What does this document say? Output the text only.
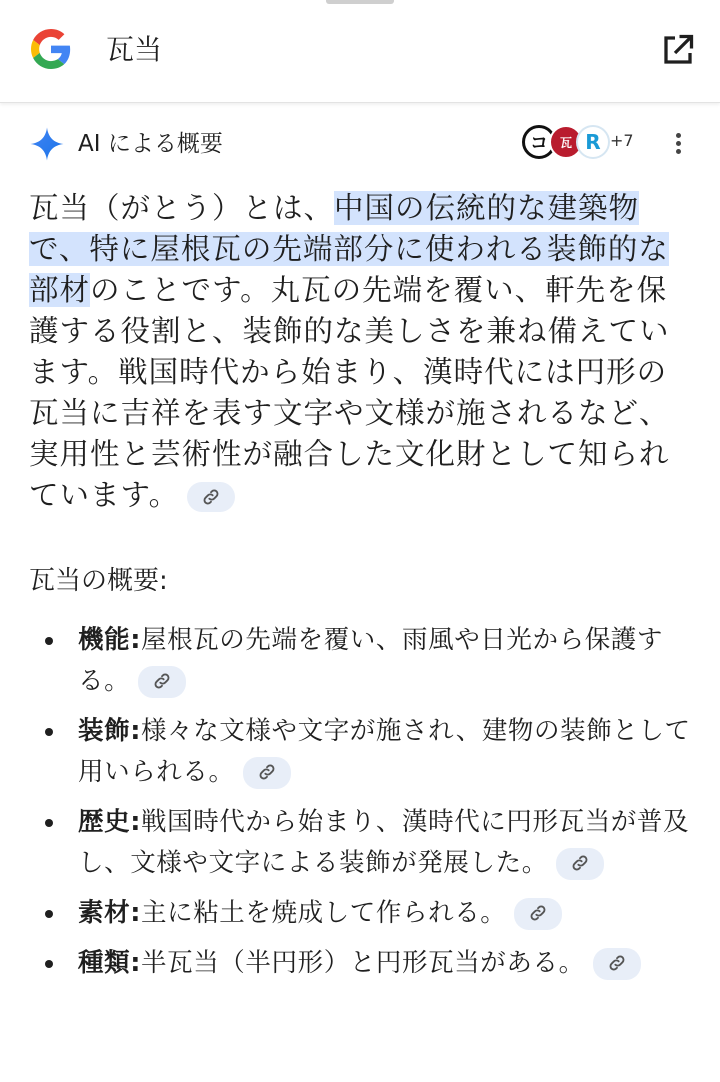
瓦当
AI による概要	コ 瓦 R +7
瓦当（がとう）とは、中国の伝統的な建築物で、特に屋根瓦の先端部分に使われる装飾的な部材のことです。丸瓦の先端を覆い、軒先を保護する役割と、装飾的な美しさを兼ね備えています。戦国時代から始まり、漢時代には円形の瓦当に吉祥を表す文字や文様が施されるなど、実用性と芸術性が融合した文化財として知られています。
瓦当の概要:
機能:屋根瓦の先端を覆い、雨風や日光から保護する。
装飾:様々な文様や文字が施され、建物の装飾として用いられる。
歴史:戦国時代から始まり、漢時代に円形瓦当が普及し、文様や文字による装飾が発展した。
素材:主に粘土を焼成して作られる。
種類:半瓦当（半円形）と円形瓦当がある。
